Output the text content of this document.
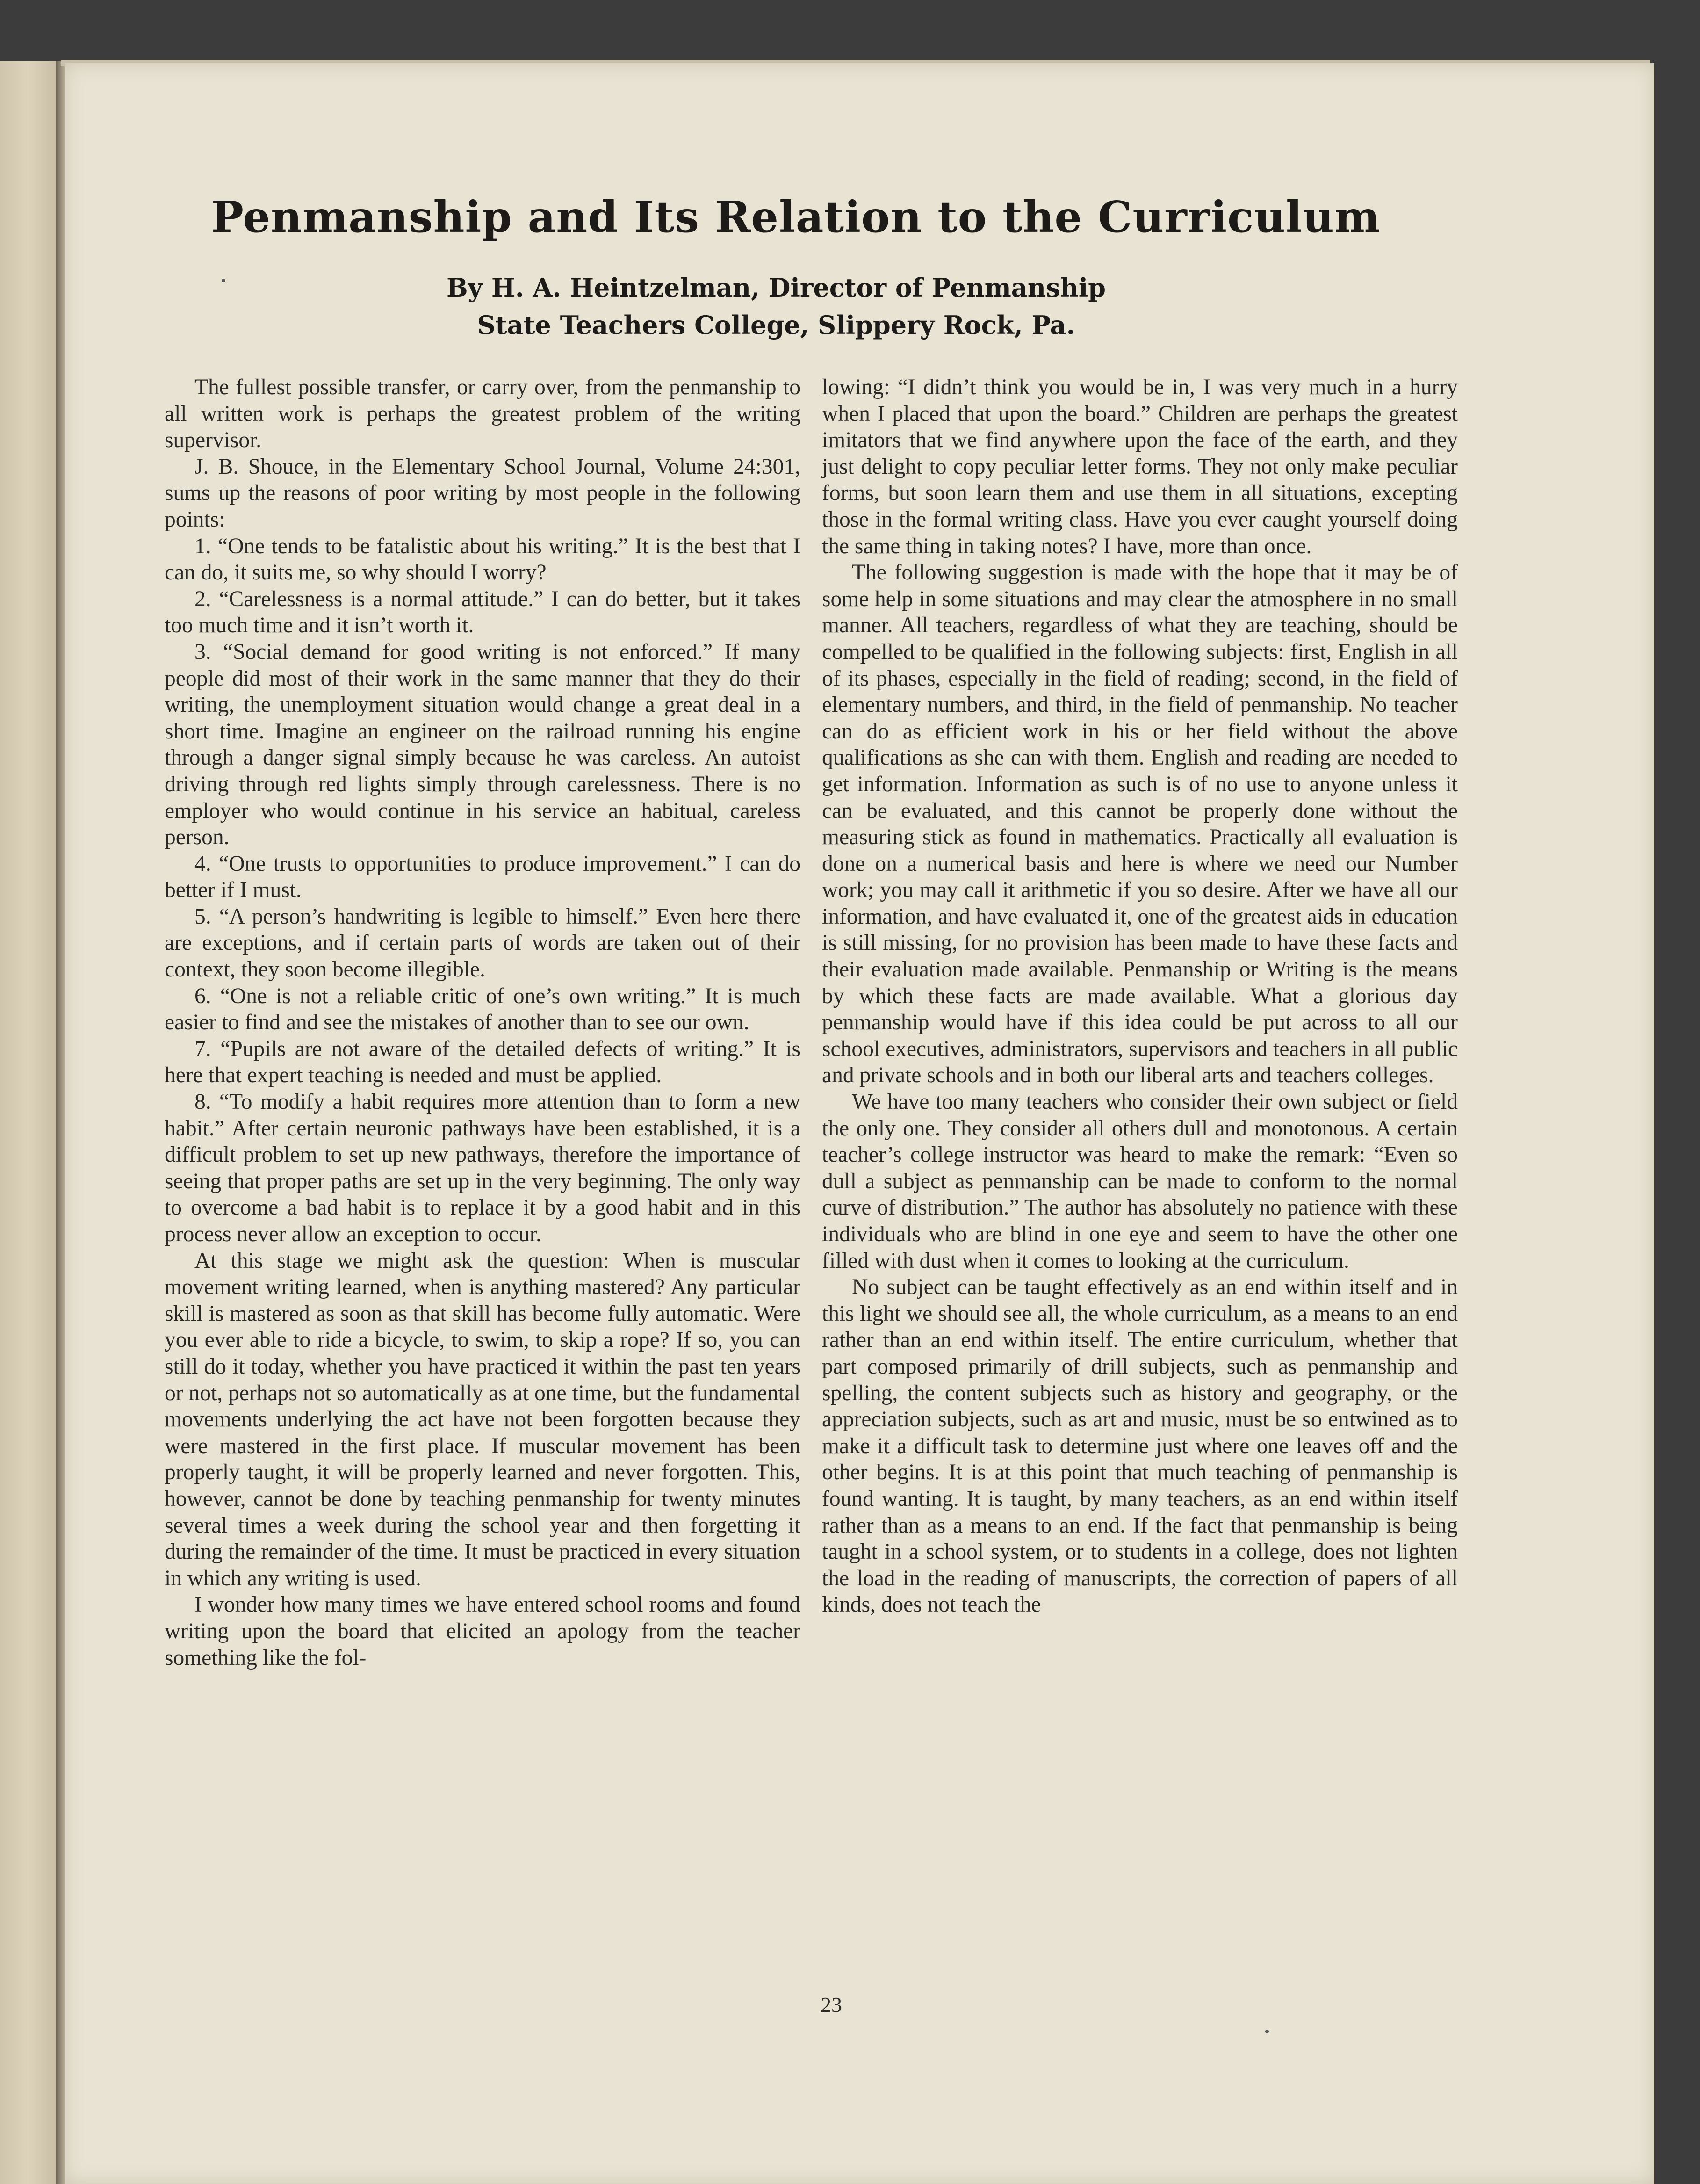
Penmanship and Its Relation to the Curriculum
By H. A. Heintzelman, Director of Penmanship
State Teachers College, Slippery Rock, Pa.

The fullest possible transfer, or carry over, from the penmanship to all written work is perhaps the greatest problem of the writing supervisor.

J. B. Shouce, in the Elementary School Journal, Volume 24:301, sums up the reasons of poor writing by most people in the following points:

1. “One tends to be fatalistic about his writing.” It is the best that I can do, it suits me, so why should I worry?

2. “Carelessness is a normal attitude.” I can do better, but it takes too much time and it isn’t worth it.

3. “Social demand for good writing is not enforced.” If many people did most of their work in the same manner that they do their writing, the unemployment situation would change a great deal in a short time. Imagine an engineer on the railroad running his engine through a danger signal simply because he was careless. An autoist driving through red lights simply through carelessness. There is no employer who would continue in his service an habitual, careless person.

4. “One trusts to opportunities to produce improvement.” I can do better if I must.

5. “A person’s handwriting is legible to himself.” Even here there are exceptions, and if certain parts of words are taken out of their context, they soon become illegible.

6. “One is not a reliable critic of one’s own writing.” It is much easier to find and see the mistakes of another than to see our own.

7. “Pupils are not aware of the detailed defects of writing.” It is here that expert teaching is needed and must be applied.

8. “To modify a habit requires more attention than to form a new habit.” After certain neuronic pathways have been established, it is a difficult problem to set up new pathways, therefore the importance of seeing that proper paths are set up in the very beginning. The only way to overcome a bad habit is to replace it by a good habit and in this process never allow an exception to occur.

At this stage we might ask the question: When is muscular movement writing learned, when is anything mastered? Any particular skill is mastered as soon as that skill has become fully automatic. Were you ever able to ride a bicycle, to swim, to skip a rope? If so, you can still do it today, whether you have practiced it within the past ten years or not, perhaps not so automatically as at one time, but the fundamental movements underlying the act have not been forgotten because they were mastered in the first place. If muscular movement has been properly taught, it will be properly learned and never forgotten. This, however, cannot be done by teaching penmanship for twenty minutes several times a week during the school year and then forgetting it during the remainder of the time. It must be practiced in every situation in which any writing is used.

I wonder how many times we have entered school rooms and found writing upon the board that elicited an apology from the teacher something like the fol-

lowing: “I didn’t think you would be in, I was very much in a hurry when I placed that upon the board.” Children are perhaps the greatest imitators that we find anywhere upon the face of the earth, and they just delight to copy peculiar letter forms. They not only make peculiar forms, but soon learn them and use them in all situations, excepting those in the formal writing class. Have you ever caught yourself doing the same thing in taking notes? I have, more than once.

The following suggestion is made with the hope that it may be of some help in some situations and may clear the atmosphere in no small manner. All teachers, regardless of what they are teaching, should be compelled to be qualified in the following subjects: first, English in all of its phases, especially in the field of reading; second, in the field of elementary numbers, and third, in the field of penmanship. No teacher can do as efficient work in his or her field without the above qualifications as she can with them. English and reading are needed to get information. Information as such is of no use to anyone unless it can be evaluated, and this cannot be properly done without the measuring stick as found in mathematics. Practically all evaluation is done on a numerical basis and here is where we need our Number work; you may call it arithmetic if you so desire. After we have all our information, and have evaluated it, one of the greatest aids in education is still missing, for no provision has been made to have these facts and their evaluation made available. Penmanship or Writing is the means by which these facts are made available. What a glorious day penmanship would have if this idea could be put across to all our school executives, administrators, supervisors and teachers in all public and private schools and in both our liberal arts and teachers colleges.

We have too many teachers who consider their own subject or field the only one. They consider all others dull and monotonous. A certain teacher’s college instructor was heard to make the remark: “Even so dull a subject as penmanship can be made to conform to the normal curve of distribution.” The author has absolutely no patience with these individuals who are blind in one eye and seem to have the other one filled with dust when it comes to looking at the curriculum.

No subject can be taught effectively as an end within itself and in this light we should see all, the whole curriculum, as a means to an end rather than an end within itself. The entire curriculum, whether that part composed primarily of drill subjects, such as penmanship and spelling, the content subjects such as history and geography, or the appreciation subjects, such as art and music, must be so entwined as to make it a difficult task to determine just where one leaves off and the other begins. It is at this point that much teaching of penmanship is found wanting. It is taught, by many teachers, as an end within itself rather than as a means to an end. If the fact that penmanship is being taught in a school system, or to students in a college, does not lighten the load in the reading of manuscripts, the correction of papers of all kinds, does not teach the

23
